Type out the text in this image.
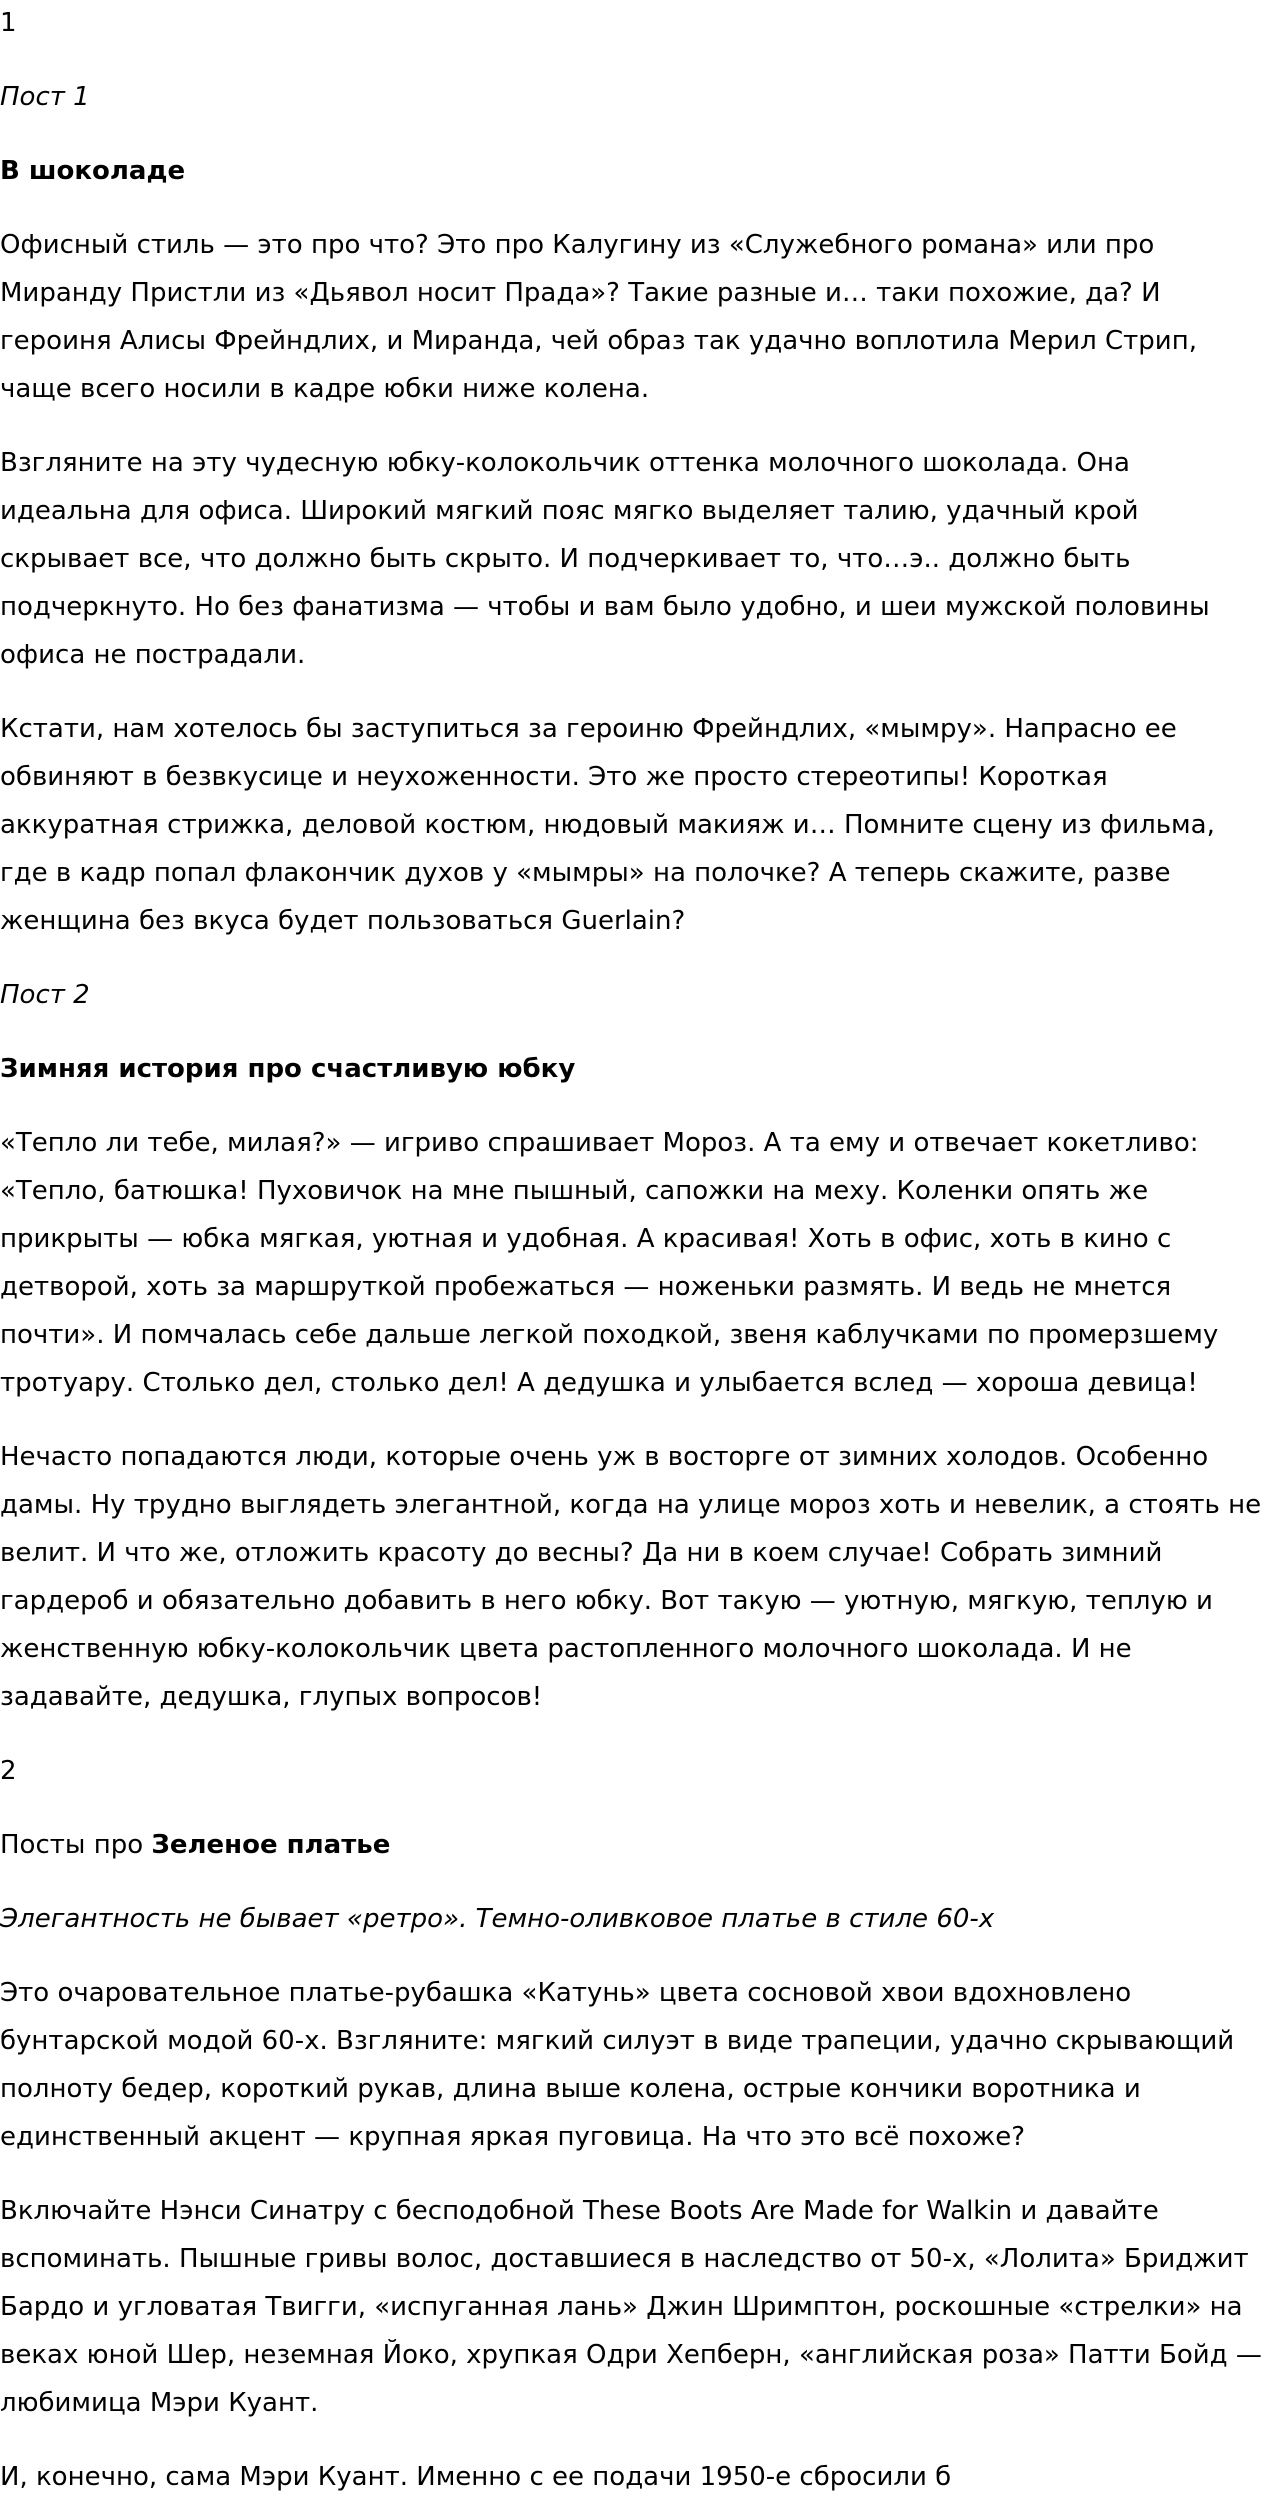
1

Пост 1

В шоколаде

Офисный стиль — это про что? Это про Калугину из «Служебного романа» или про Миранду Пристли из «Дьявол носит Прада»? Такие разные и… таки похожие, да? И героиня Алисы Фрейндлих, и Миранда, чей образ так удачно воплотила Мерил Стрип, чаще всего носили в кадре юбки ниже колена.

Взгляните на эту чудесную юбку-колокольчик оттенка молочного шоколада. Она идеальна для офиса. Широкий мягкий пояс мягко выделяет талию, удачный крой скрывает все, что должно быть скрыто. И подчеркивает то, что…э.. должно быть подчеркнуто. Но без фанатизма — чтобы и вам было удобно, и шеи мужской половины офиса не пострадали.

Кстати, нам хотелось бы заступиться за героиню Фрейндлих, «мымру». Напрасно ее обвиняют в безвкусице и неухоженности. Это же просто стереотипы! Короткая аккуратная стрижка, деловой костюм, нюдовый макияж и… Помните сцену из фильма, где в кадр попал флакончик духов у «мымры» на полочке? А теперь скажите, разве женщина без вкуса будет пользоваться Guerlain?

Пост 2

Зимняя история про счастливую юбку

«Тепло ли тебе, милая?» — игриво спрашивает Мороз. А та ему и отвечает кокетливо: «Тепло, батюшка! Пуховичок на мне пышный, сапожки на меху. Коленки опять же прикрыты — юбка мягкая, уютная и удобная. А красивая! Хоть в офис, хоть в кино с детворой, хоть за маршруткой пробежаться — ноженьки размять. И ведь не мнется почти». И помчалась себе дальше легкой походкой, звеня каблучками по промерзшему тротуару. Столько дел, столько дел! А дедушка и улыбается вслед — хороша девица!

Нечасто попадаются люди, которые очень уж в восторге от зимних холодов. Особенно дамы. Ну трудно выглядеть элегантной, когда на улице мороз хоть и невелик, а стоять не велит. И что же, отложить красоту до весны? Да ни в коем случае! Собрать зимний гардероб и обязательно добавить в него юбку. Вот такую — уютную, мягкую, теплую и женственную юбку-колокольчик цвета растопленного молочного шоколада. И не задавайте, дедушка, глупых вопросов!

2

Посты про Зеленое платье

Элегантность не бывает «ретро». Темно-оливковое платье в стиле 60-х

Это очаровательное платье-рубашка «Катунь» цвета сосновой хвои вдохновлено бунтарской модой 60-х. Взгляните: мягкий силуэт в виде трапеции, удачно скрывающий полноту бедер, короткий рукав, длина выше колена, острые кончики воротника и единственный акцент — крупная яркая пуговица. На что это всё похоже?

Включайте Нэнси Синатру с бесподобной These Boots Are Made for Walkin и давайте вспоминать. Пышные гривы волос, доставшиеся в наследство от 50-х, «Лолита» Бриджит Бардо и угловатая Твигги, «испуганная лань» Джин Шримптон, роскошные «стрелки» на веках юной Шер, неземная Йоко, хрупкая Одри Хепберн, «английская роза» Патти Бойд — любимица Мэри Куант.

И, конечно, сама Мэри Куант. Именно с ее подачи 1950-е сбросили б
